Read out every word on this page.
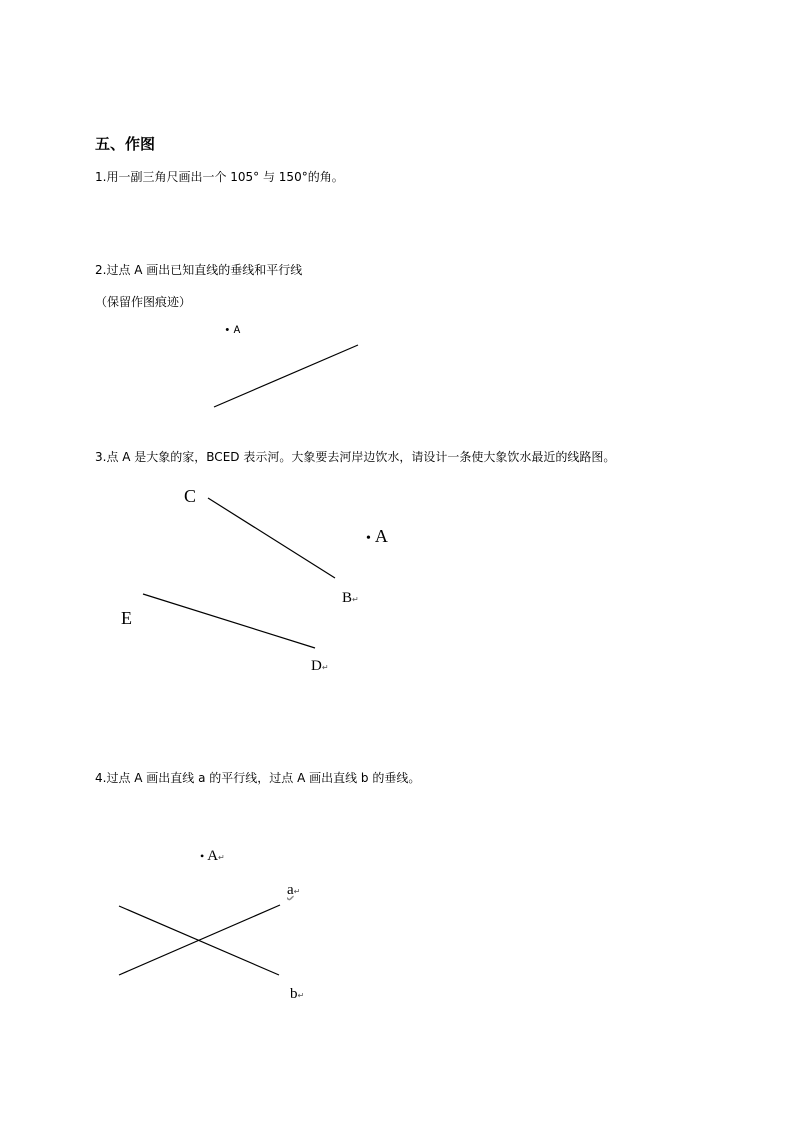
五、作图
1.用一副三角尺画出一个 105° 与 150°的角。
2.过点 A 画出已知直线的垂线和平行线
（保留作图痕迹）
• A
3.点 A 是大象的家，BCED 表示河。大象要去河岸边饮水，请设计一条使大象饮水最近的线路图。
C
• A
B↵
E
D↵
4.过点 A 画出直线 a 的平行线，过点 A 画出直线 b 的垂线。
• A↵
a↵
b↵
